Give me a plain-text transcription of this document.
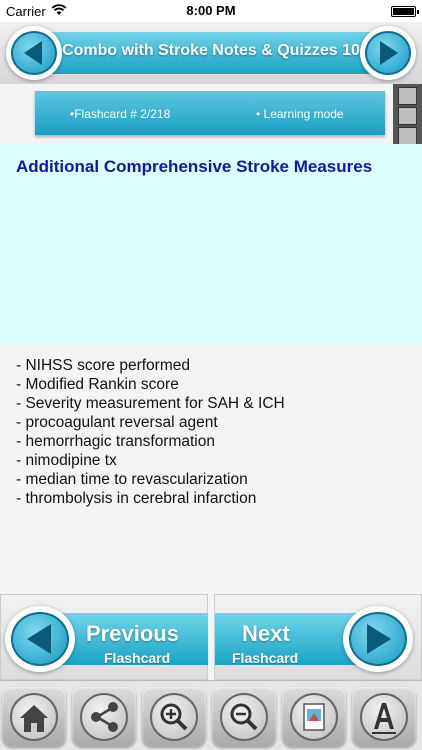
Carrier	8:00 PM
Combo with Stroke Notes & Quizzes 10
•Flashcard # 2/218	• Learning mode
Additional Comprehensive Stroke Measures
- NIHSS score performed
- Modified Rankin score
- Severity measurement for SAH & ICH
- procoagulant reversal agent
- hemorrhagic transformation
- nimodipine tx
- median time to revascularization
- thrombolysis in cerebral infarction
Previous
Flashcard
Next
Flashcard
